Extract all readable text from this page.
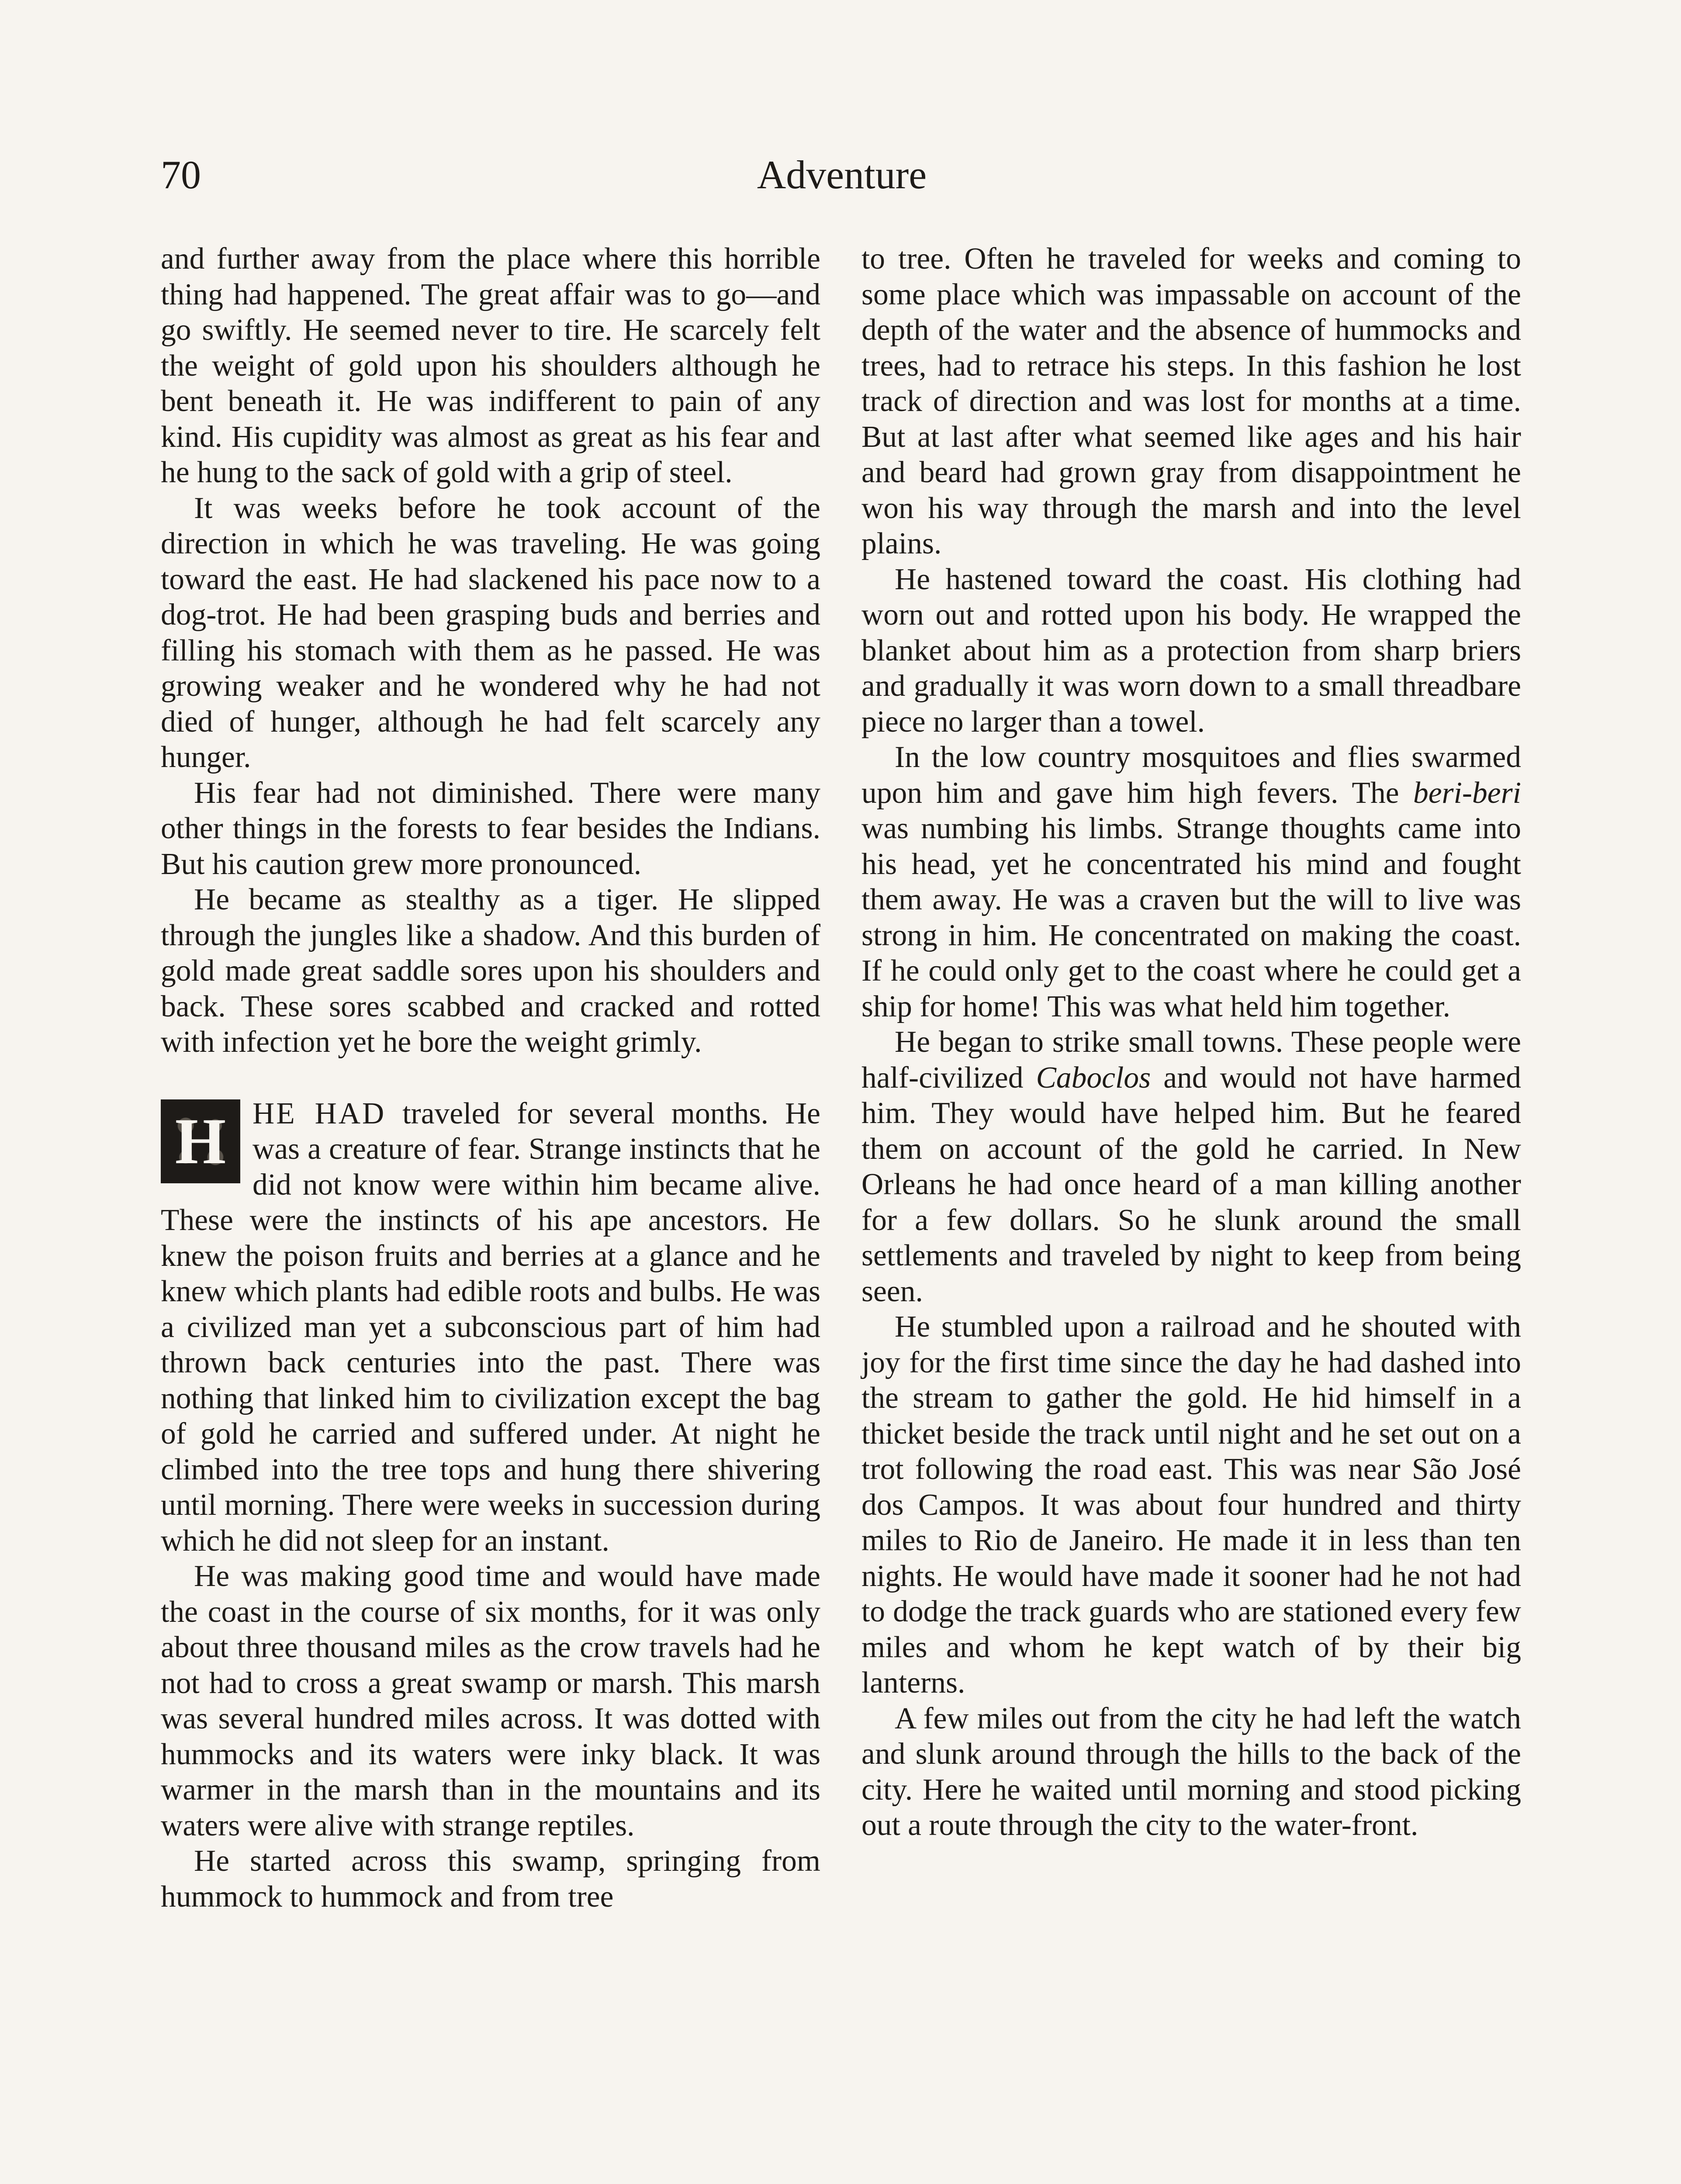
70	Adventure

and further away from the place where this horrible thing had happened. The great affair was to go—and go swiftly. He seemed never to tire. He scarcely felt the weight of gold upon his shoulders although he bent beneath it. He was indifferent to pain of any kind. His cupidity was almost as great as his fear and he hung to the sack of gold with a grip of steel.

It was weeks before he took account of the direction in which he was traveling. He was going toward the east. He had slackened his pace now to a dog-trot. He had been grasping buds and berries and filling his stomach with them as he passed. He was growing weaker and he wondered why he had not died of hunger, although he had felt scarcely any hunger.

His fear had not diminished. There were many other things in the forests to fear besides the Indians. But his caution grew more pronounced.

He became as stealthy as a tiger. He slipped through the jungles like a shadow. And this burden of gold made great saddle sores upon his shoulders and back. These sores scabbed and cracked and rotted with infection yet he bore the weight grimly.

H HE HAD traveled for several months. He was a creature of fear. Strange instincts that he did not know were within him became alive. These were the instincts of his ape ancestors. He knew the poison fruits and berries at a glance and he knew which plants had edible roots and bulbs. He was a civilized man yet a subconscious part of him had thrown back centuries into the past. There was nothing that linked him to civilization except the bag of gold he carried and suffered under. At night he climbed into the tree tops and hung there shivering until morning. There were weeks in succession during which he did not sleep for an instant.

He was making good time and would have made the coast in the course of six months, for it was only about three thousand miles as the crow travels had he not had to cross a great swamp or marsh. This marsh was several hundred miles across. It was dotted with hummocks and its waters were inky black. It was warmer in the marsh than in the mountains and its waters were alive with strange reptiles.

He started across this swamp, springing from hummock to hummock and from tree

to tree. Often he traveled for weeks and coming to some place which was impassable on account of the depth of the water and the absence of hummocks and trees, had to retrace his steps. In this fashion he lost track of direction and was lost for months at a time. But at last after what seemed like ages and his hair and beard had grown gray from disappointment he won his way through the marsh and into the level plains.

He hastened toward the coast. His clothing had worn out and rotted upon his body. He wrapped the blanket about him as a protection from sharp briers and gradually it was worn down to a small threadbare piece no larger than a towel.

In the low country mosquitoes and flies swarmed upon him and gave him high fevers. The beri-beri was numbing his limbs. Strange thoughts came into his head, yet he concentrated his mind and fought them away. He was a craven but the will to live was strong in him. He concentrated on making the coast. If he could only get to the coast where he could get a ship for home! This was what held him together.

He began to strike small towns. These people were half-civilized Caboclos and would not have harmed him. They would have helped him. But he feared them on account of the gold he carried. In New Orleans he had once heard of a man killing another for a few dollars. So he slunk around the small settlements and traveled by night to keep from being seen.

He stumbled upon a railroad and he shouted with joy for the first time since the day he had dashed into the stream to gather the gold. He hid himself in a thicket beside the track until night and he set out on a trot following the road east. This was near São José dos Campos. It was about four hundred and thirty miles to Rio de Janeiro. He made it in less than ten nights. He would have made it sooner had he not had to dodge the track guards who are stationed every few miles and whom he kept watch of by their big lanterns.

A few miles out from the city he had left the watch and slunk around through the hills to the back of the city. Here he waited until morning and stood picking out a route through the city to the water-front.
